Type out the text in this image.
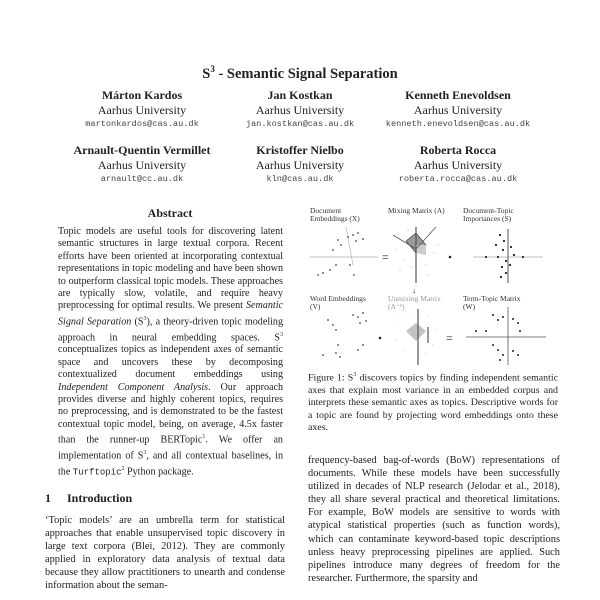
$S^3$ - Semantic Signal Separation
Márton Kardos
Aarhus University
martonkardos@cas.au.dk
Jan Kostkan
Aarhus University
jan.kostkan@cas.au.dk
Kenneth Enevoldsen
Aarhus University
kenneth.enevoldsen@cas.au.dk
Arnault-Quentin Vermillet
Aarhus University
arnault@cc.au.dk
Kristoffer Nielbo
Aarhus University
kln@cas.au.dk
Roberta Rocca
Aarhus University
roberta.rocca@cas.au.dk
Abstract
Topic models are useful tools for discovering latent semantic structures in large textual corpora. Recent efforts have been oriented at incorporating contextual representations in topic modeling and have been shown to outperform classical topic models. These approaches are typically slow, volatile, and require heavy preprocessing for optimal results. We present Semantic Signal Separation $(S^3)$, a theory-driven topic modeling approach in neural embedding spaces. $S^3$ conceptualizes topics as independent axes of semantic space and uncovers these by decomposing contextualized document embeddings using Independent Component Analysis. Our approach provides diverse and highly coherent topics, requires no preprocessing, and is demonstrated to be the fastest contextual topic model, being, on average, 4.5x faster than the runner-up BERTopic$^1$. We offer an implementation of $S^3$, and all contextual baselines, in the Turftopic$^2$ Python package.
1 Introduction
‘Topic models’ are an umbrella term for statistical approaches that enable unsupervised topic discovery in large text corpora (Blei, 2012). They are commonly applied in exploratory data analysis of textual data because they allow practitioners to unearth and condense information about the seman-
Document Embeddings (X)
Mixing Matrix (A)	Document-Topic Importances (S)
Word Embeddings (V)
Unmixing Matrix (A⁻¹)
Term-Topic Matrix (W)
=
↓
=
Figure 1: $S^3$ discovers topics by finding independent semantic axes that explain most variance in an embedded corpus and interprets these semantic axes as topics. Descriptive words for a topic are found by projecting word embeddings onto these axes.
frequency-based bag-of-words (BoW) representations of documents. While these models have been successfully utilized in decades of NLP research (Jelodar et al., 2018), they all share several practical and theoretical limitations. For example, BoW models are sensitive to words with atypical statistical properties (such as function words), which can contaminate keyword-based topic descriptions unless heavy preprocessing pipelines are applied. Such pipelines introduce many degrees of freedom for the researcher. Furthermore, the sparsity and
